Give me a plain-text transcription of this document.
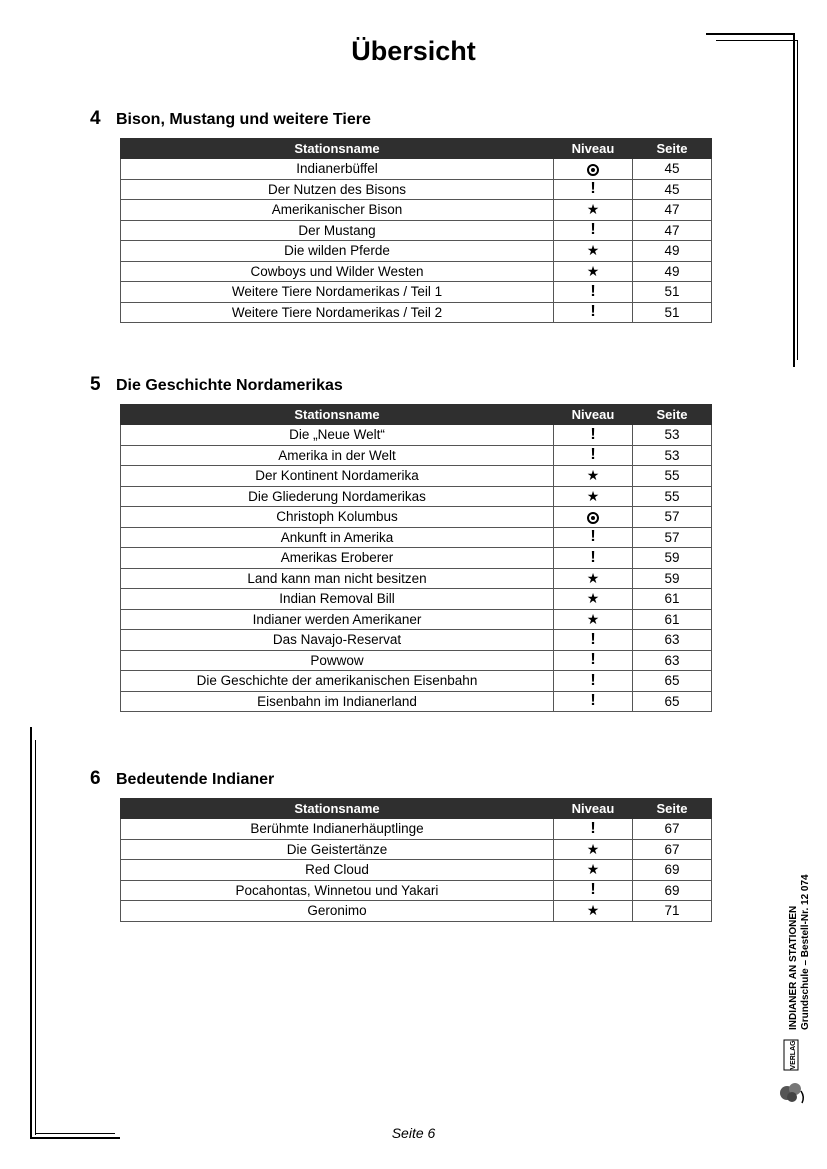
Übersicht
4 Bison, Mustang und weitere Tiere
Stationsname	Niveau	Seite
Indianerbüffel		45
Der Nutzen des Bisons	!	45
Amerikanischer Bison	★	47
Der Mustang	!	47
Die wilden Pferde	★	49
Cowboys und Wilder Westen	★	49
Weitere Tiere Nordamerikas / Teil 1	!	51
Weitere Tiere Nordamerikas / Teil 2	!	51
5 Die Geschichte Nordamerikas
Stationsname	Niveau	Seite
Die „Neue Welt“	!	53
Amerika in der Welt	!	53
Der Kontinent Nordamerika	★	55
Die Gliederung Nordamerikas	★	55
Christoph Kolumbus		57
Ankunft in Amerika	!	57
Amerikas Eroberer	!	59
Land kann man nicht besitzen	★	59
Indian Removal Bill	★	61
Indianer werden Amerikaner	★	61
Das Navajo-Reservat	!	63
Powwow	!	63
Die Geschichte der amerikanischen Eisenbahn	!	65
Eisenbahn im Indianerland	!	65
6 Bedeutende Indianer
Stationsname	Niveau	Seite
Berühmte Indianerhäuptlinge	!	67
Die Geistertänze	★	67
Red Cloud	★	69
Pocahontas, Winnetou und Yakari	!	69
Geronimo	★	71
Seite 6
INDIANER AN STATIONEN Grundschule – Bestell-Nr. 12 074
VERLAG
